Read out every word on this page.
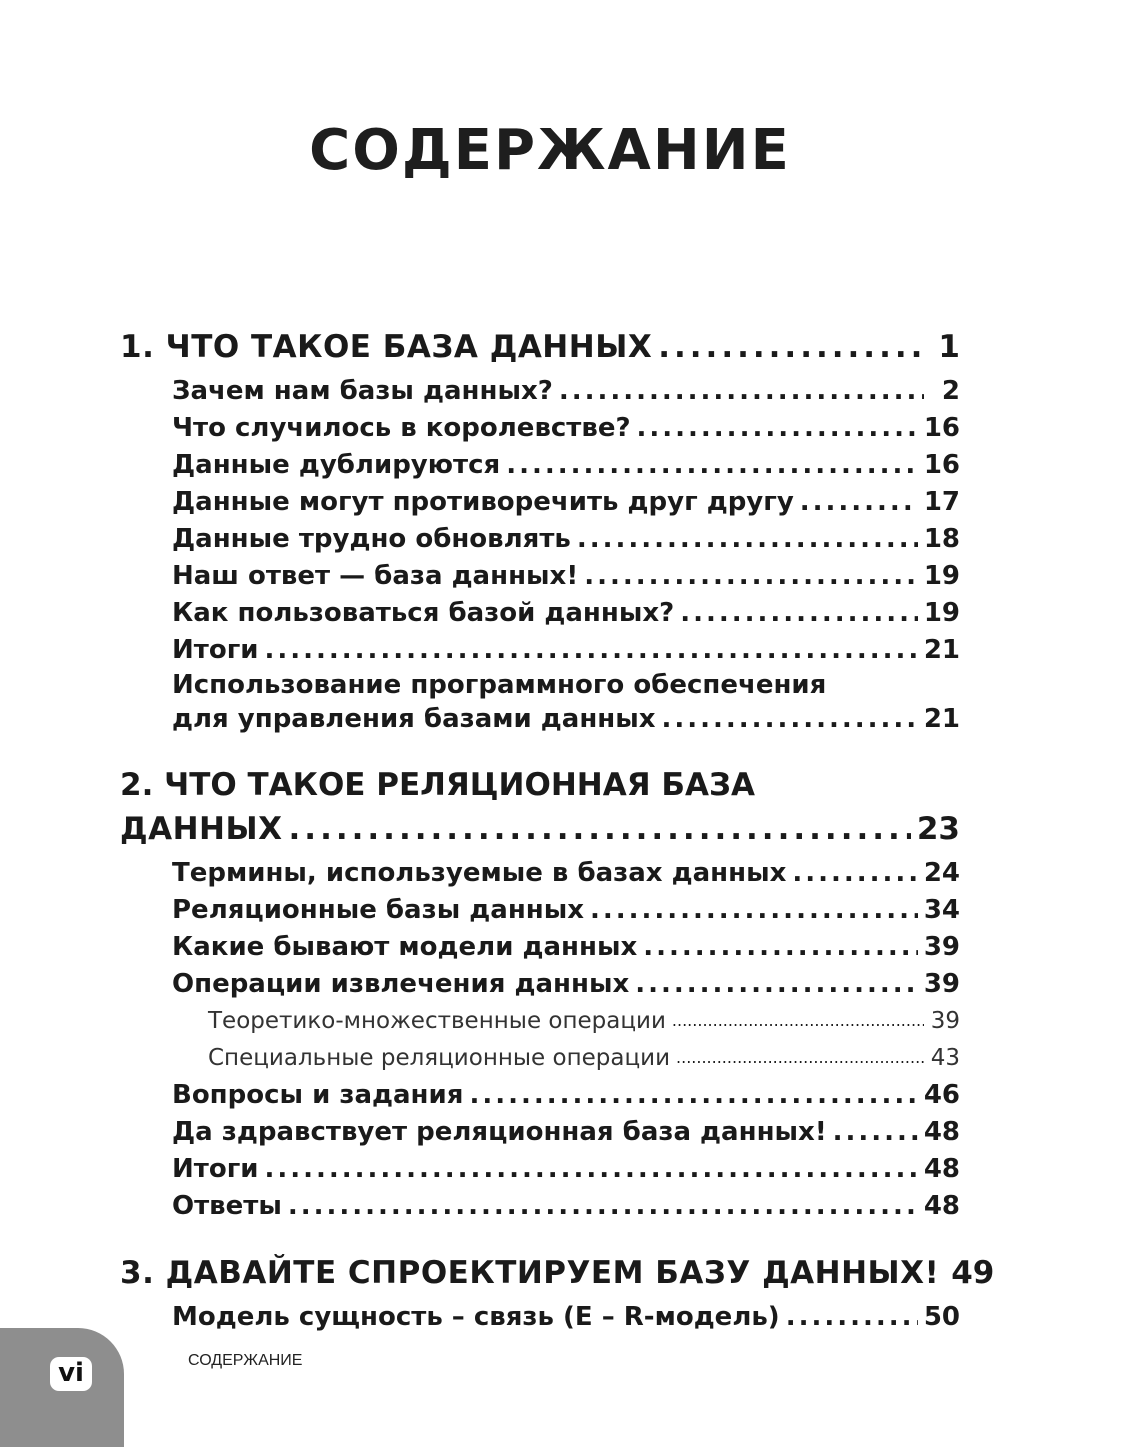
СОДЕРЖАНИЕ
1. ЧТО ТАКОЕ БАЗА ДАННЫХ .....	1
Зачем нам базы данных? .....	2
Что случилось в королевстве? .....	16
Данные дублируются .....	16
Данные могут противоречить друг другу .....	17
Данные трудно обновлять .....	18
Наш ответ — база данных! .....	19
Как пользоваться базой данных? .....	19
Итоги .....	21
Использование программного обеспечения
для управления базами данных .....	21
2. ЧТО ТАКОЕ РЕЛЯЦИОННАЯ БАЗА
ДАННЫХ .....	23
Термины, используемые в базах данных .....	24
Реляционные базы данных .....	34
Какие бывают модели данных .....	39
Операции извлечения данных .....	39
Теоретико-множественные операции .....	39
Специальные реляционные операции .....	43
Вопросы и задания .....	46
Да здравствует реляционная база данных! .....	48
Итоги .....	48
Ответы .....	48
3. ДАВАЙТЕ СПРОЕКТИРУЕМ БАЗУ ДАННЫХ! 49
Модель сущность – связь (E – R-модель) .....	50
vi	СОДЕРЖАНИЕ
